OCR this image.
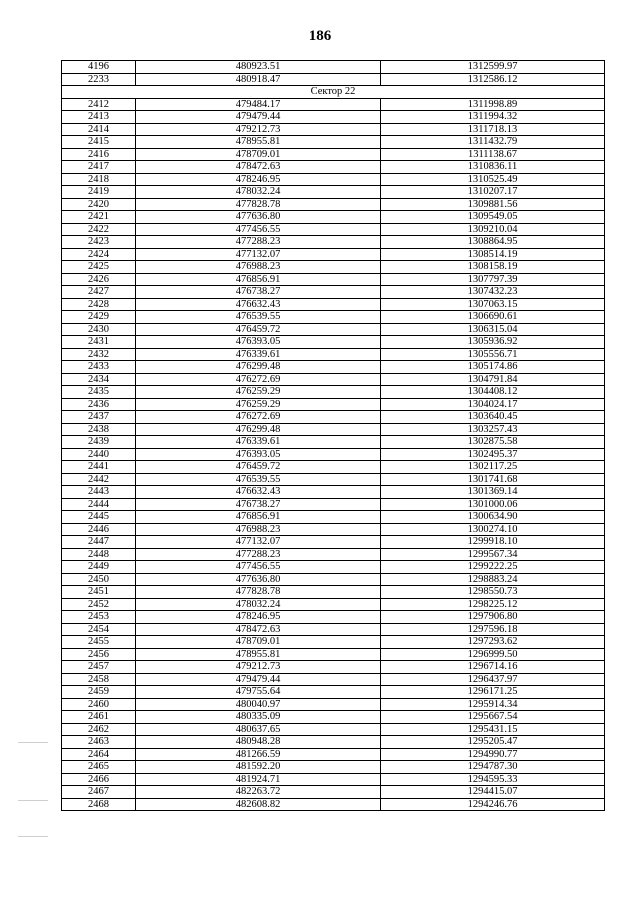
186
4196	480923.51	1312599.97
2233	480918.47	1312586.12
Сектор 22		
2412	479484.17	1311998.89
2413	479479.44	1311994.32
2414	479212.73	1311718.13
2415	478955.81	1311432.79
2416	478709.01	1311138.67
2417	478472.63	1310836.11
2418	478246.95	1310525.49
2419	478032.24	1310207.17
2420	477828.78	1309881.56
2421	477636.80	1309549.05
2422	477456.55	1309210.04
2423	477288.23	1308864.95
2424	477132.07	1308514.19
2425	476988.23	1308158.19
2426	476856.91	1307797.39
2427	476738.27	1307432.23
2428	476632.43	1307063.15
2429	476539.55	1306690.61
2430	476459.72	1306315.04
2431	476393.05	1305936.92
2432	476339.61	1305556.71
2433	476299.48	1305174.86
2434	476272.69	1304791.84
2435	476259.29	1304408.12
2436	476259.29	1304024.17
2437	476272.69	1303640.45
2438	476299.48	1303257.43
2439	476339.61	1302875.58
2440	476393.05	1302495.37
2441	476459.72	1302117.25
2442	476539.55	1301741.68
2443	476632.43	1301369.14
2444	476738.27	1301000.06
2445	476856.91	1300634.90
2446	476988.23	1300274.10
2447	477132.07	1299918.10
2448	477288.23	1299567.34
2449	477456.55	1299222.25
2450	477636.80	1298883.24
2451	477828.78	1298550.73
2452	478032.24	1298225.12
2453	478246.95	1297906.80
2454	478472.63	1297596.18
2455	478709.01	1297293.62
2456	478955.81	1296999.50
2457	479212.73	1296714.16
2458	479479.44	1296437.97
2459	479755.64	1296171.25
2460	480040.97	1295914.34
2461	480335.09	1295667.54
2462	480637.65	1295431.15
2463	480948.28	1295205.47
2464	481266.59	1294990.77
2465	481592.20	1294787.30
2466	481924.71	1294595.33
2467	482263.72	1294415.07
2468	482608.82	1294246.76
